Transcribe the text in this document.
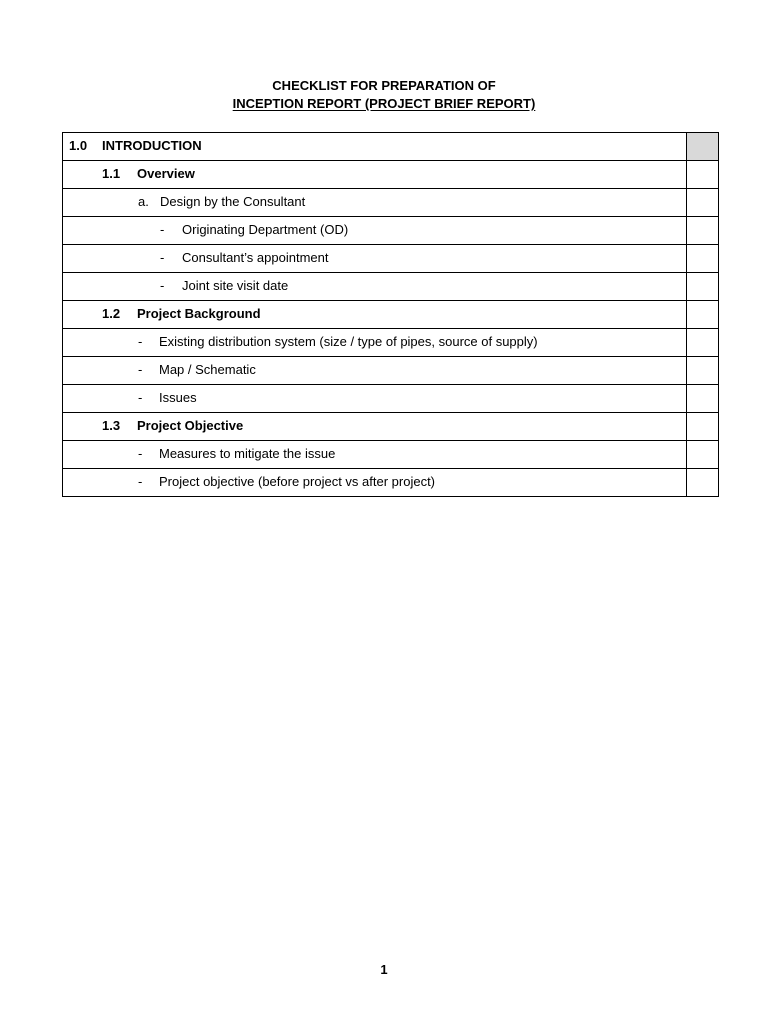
CHECKLIST FOR PREPARATION OF
INCEPTION REPORT (PROJECT BRIEF REPORT)
1.0 INTRODUCTION	

1.1 Overview	

a. Design by the Consultant	

- Originating Department (OD)	

- Consultant’s appointment	

- Joint site visit date	

1.2 Project Background	

- Existing distribution system (size / type of pipes, source of supply)	

- Map / Schematic	

- Issues	

1.3 Project Objective	

- Measures to mitigate the issue	

- Project objective (before project vs after project)	

1
